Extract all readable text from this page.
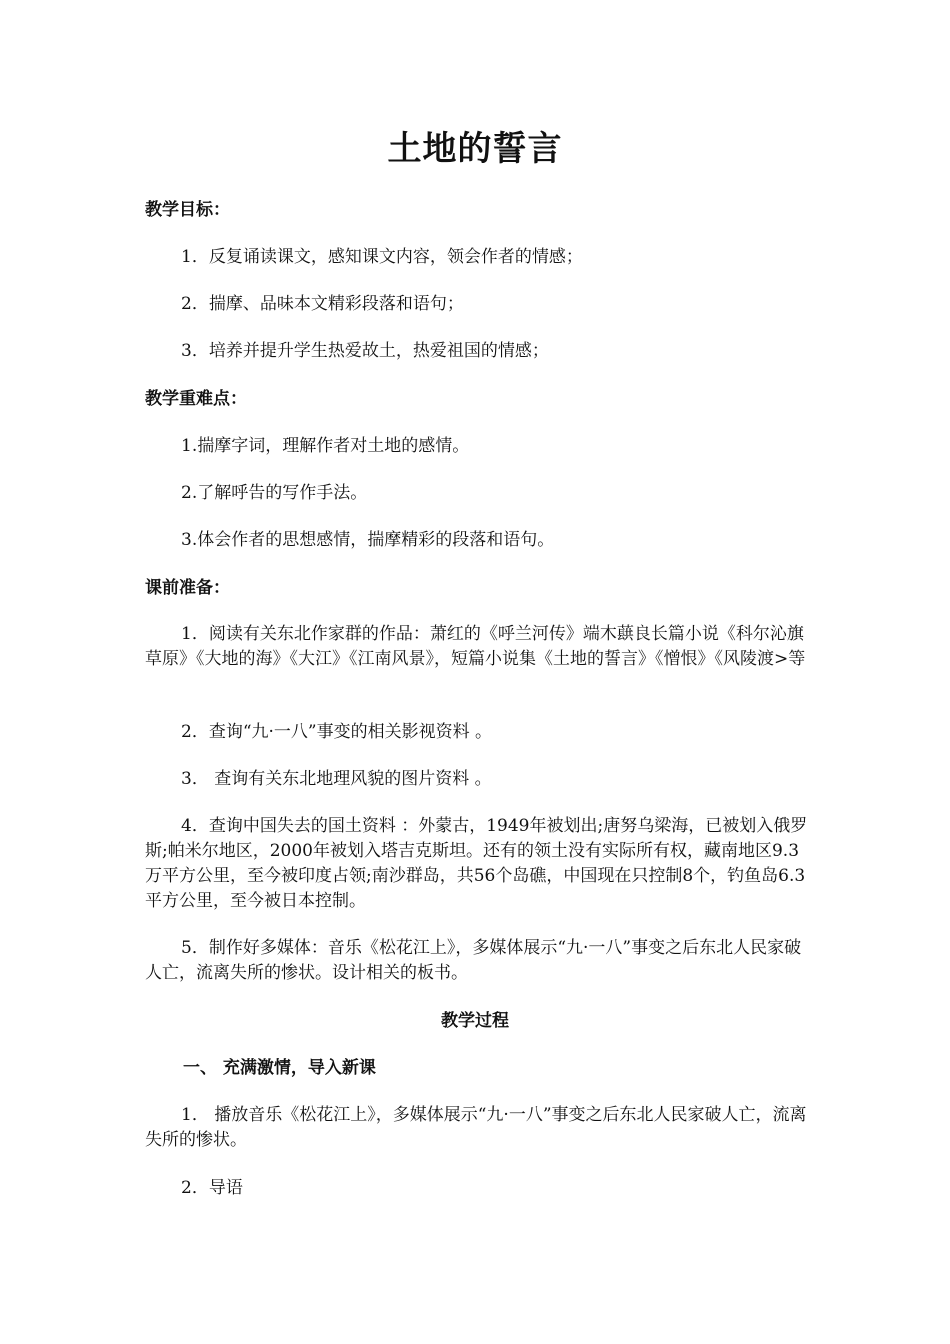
土地的誓言
教学目标：
1．反复诵读课文，感知课文内容，领会作者的情感；
2．揣摩、品味本文精彩段落和语句；
3．培养并提升学生热爱故土，热爱祖国的情感；
教学重难点：
1.揣摩字词，理解作者对土地的感情。
2.了解呼告的写作手法。
3.体会作者的思想感情，揣摩精彩的段落和语句。
课前准备：
1．阅读有关东北作家群的作品：萧红的《呼兰河传》端木蕻良长篇小说《科尔沁旗草原》《大地的海》《大江》《江南风景》，短篇小说集《土地的誓言》《憎恨》《风陵渡>等
2．查询“九·一八”事变的相关影视资料 。
3． 查询有关东北地理风貌的图片资料 。
4．查询中国失去的国土资料 ：外蒙古，1949年被划出;唐努乌梁海，已被划入俄罗斯;帕米尔地区，2000年被划入塔吉克斯坦。还有的领土没有实际所有权，藏南地区9.3万平方公里，至今被印度占领;南沙群岛，共56个岛礁，中国现在只控制8个，钓鱼岛6.3平方公里，至今被日本控制。
5．制作好多媒体：音乐《松花江上》，多媒体展示“九·一八”事变之后东北人民家破人亡，流离失所的惨状。设计相关的板书。
教学过程
一、 充满激情，导入新课
1． 播放音乐《松花江上》，多媒体展示“九·一八”事变之后东北人民家破人亡，流离失所的惨状。
2．导语
